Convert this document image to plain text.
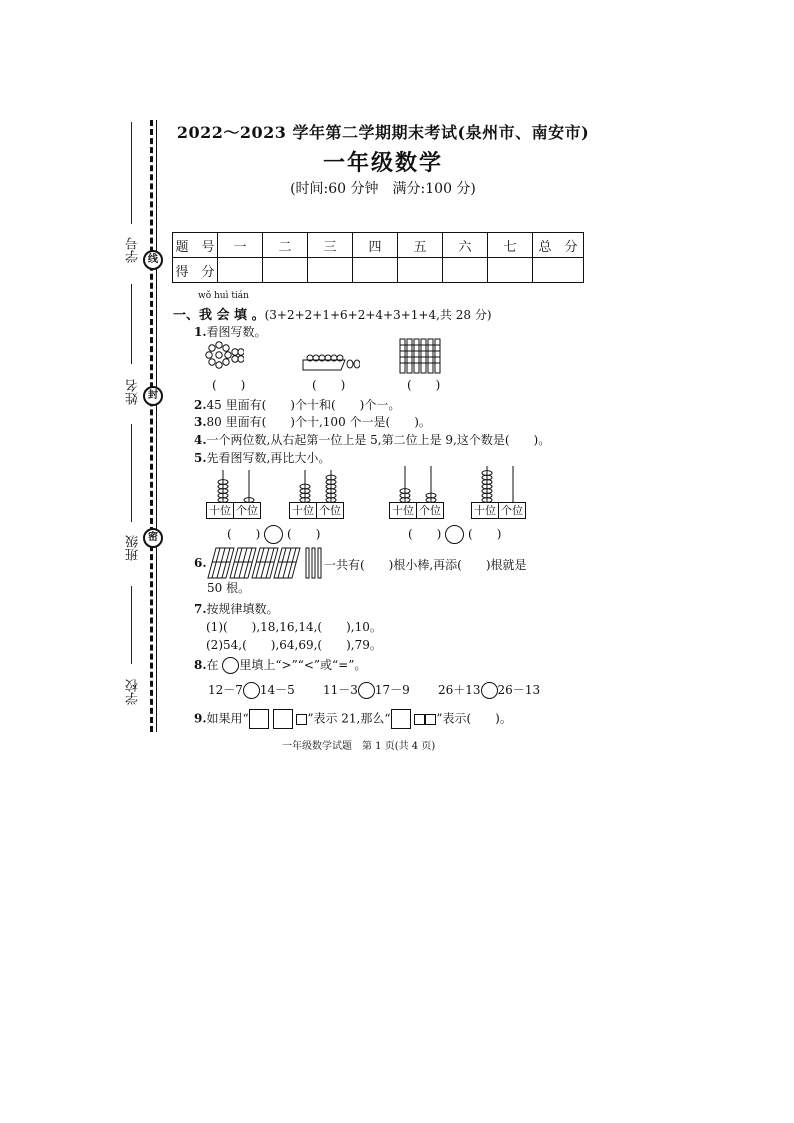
学号
姓名
班级
学校
线
封
密
2022～2023 学年第二学期期末考试(泉州市、南安市)
一年级数学
(时间:60 分钟　满分:100 分)
题　号	一	二	三	四	五	六	七	总　分
得　分								
wǒ huì tián
一、我 会 填 。(3+2+2+1+6+2+4+3+1+4,共 28 分)
1.看图写数。
(　　)	(　　)	(　　)
2.45 里面有(　　)个十和(　　)个一。
3.80 里面有(　　)个十,100 个一是(　　)。
4.一个两位数,从右起第一位上是 5,第二位上是 9,这个数是(　　)。
5.先看图写数,再比大小。
十位 个位	十位 个位
(　　) (　　)
十位 个位	十位 个位
(　　) (　　)
6.	一共有(　　)根小棒,再添(　　)根就是
50 根。
7.按规律填数。
(1)(　　),18,16,14,(　　),10。
(2)54,(　　),64,69,(　　),79。
8.在 里填上“>”“<”或“=”。
12－7 14－5 11－3 17－9 26＋13 26－13
9.如果用“	”表示 21,那么“	”表示(　　)。
一年级数学试题　第 1 页(共 4 页)
